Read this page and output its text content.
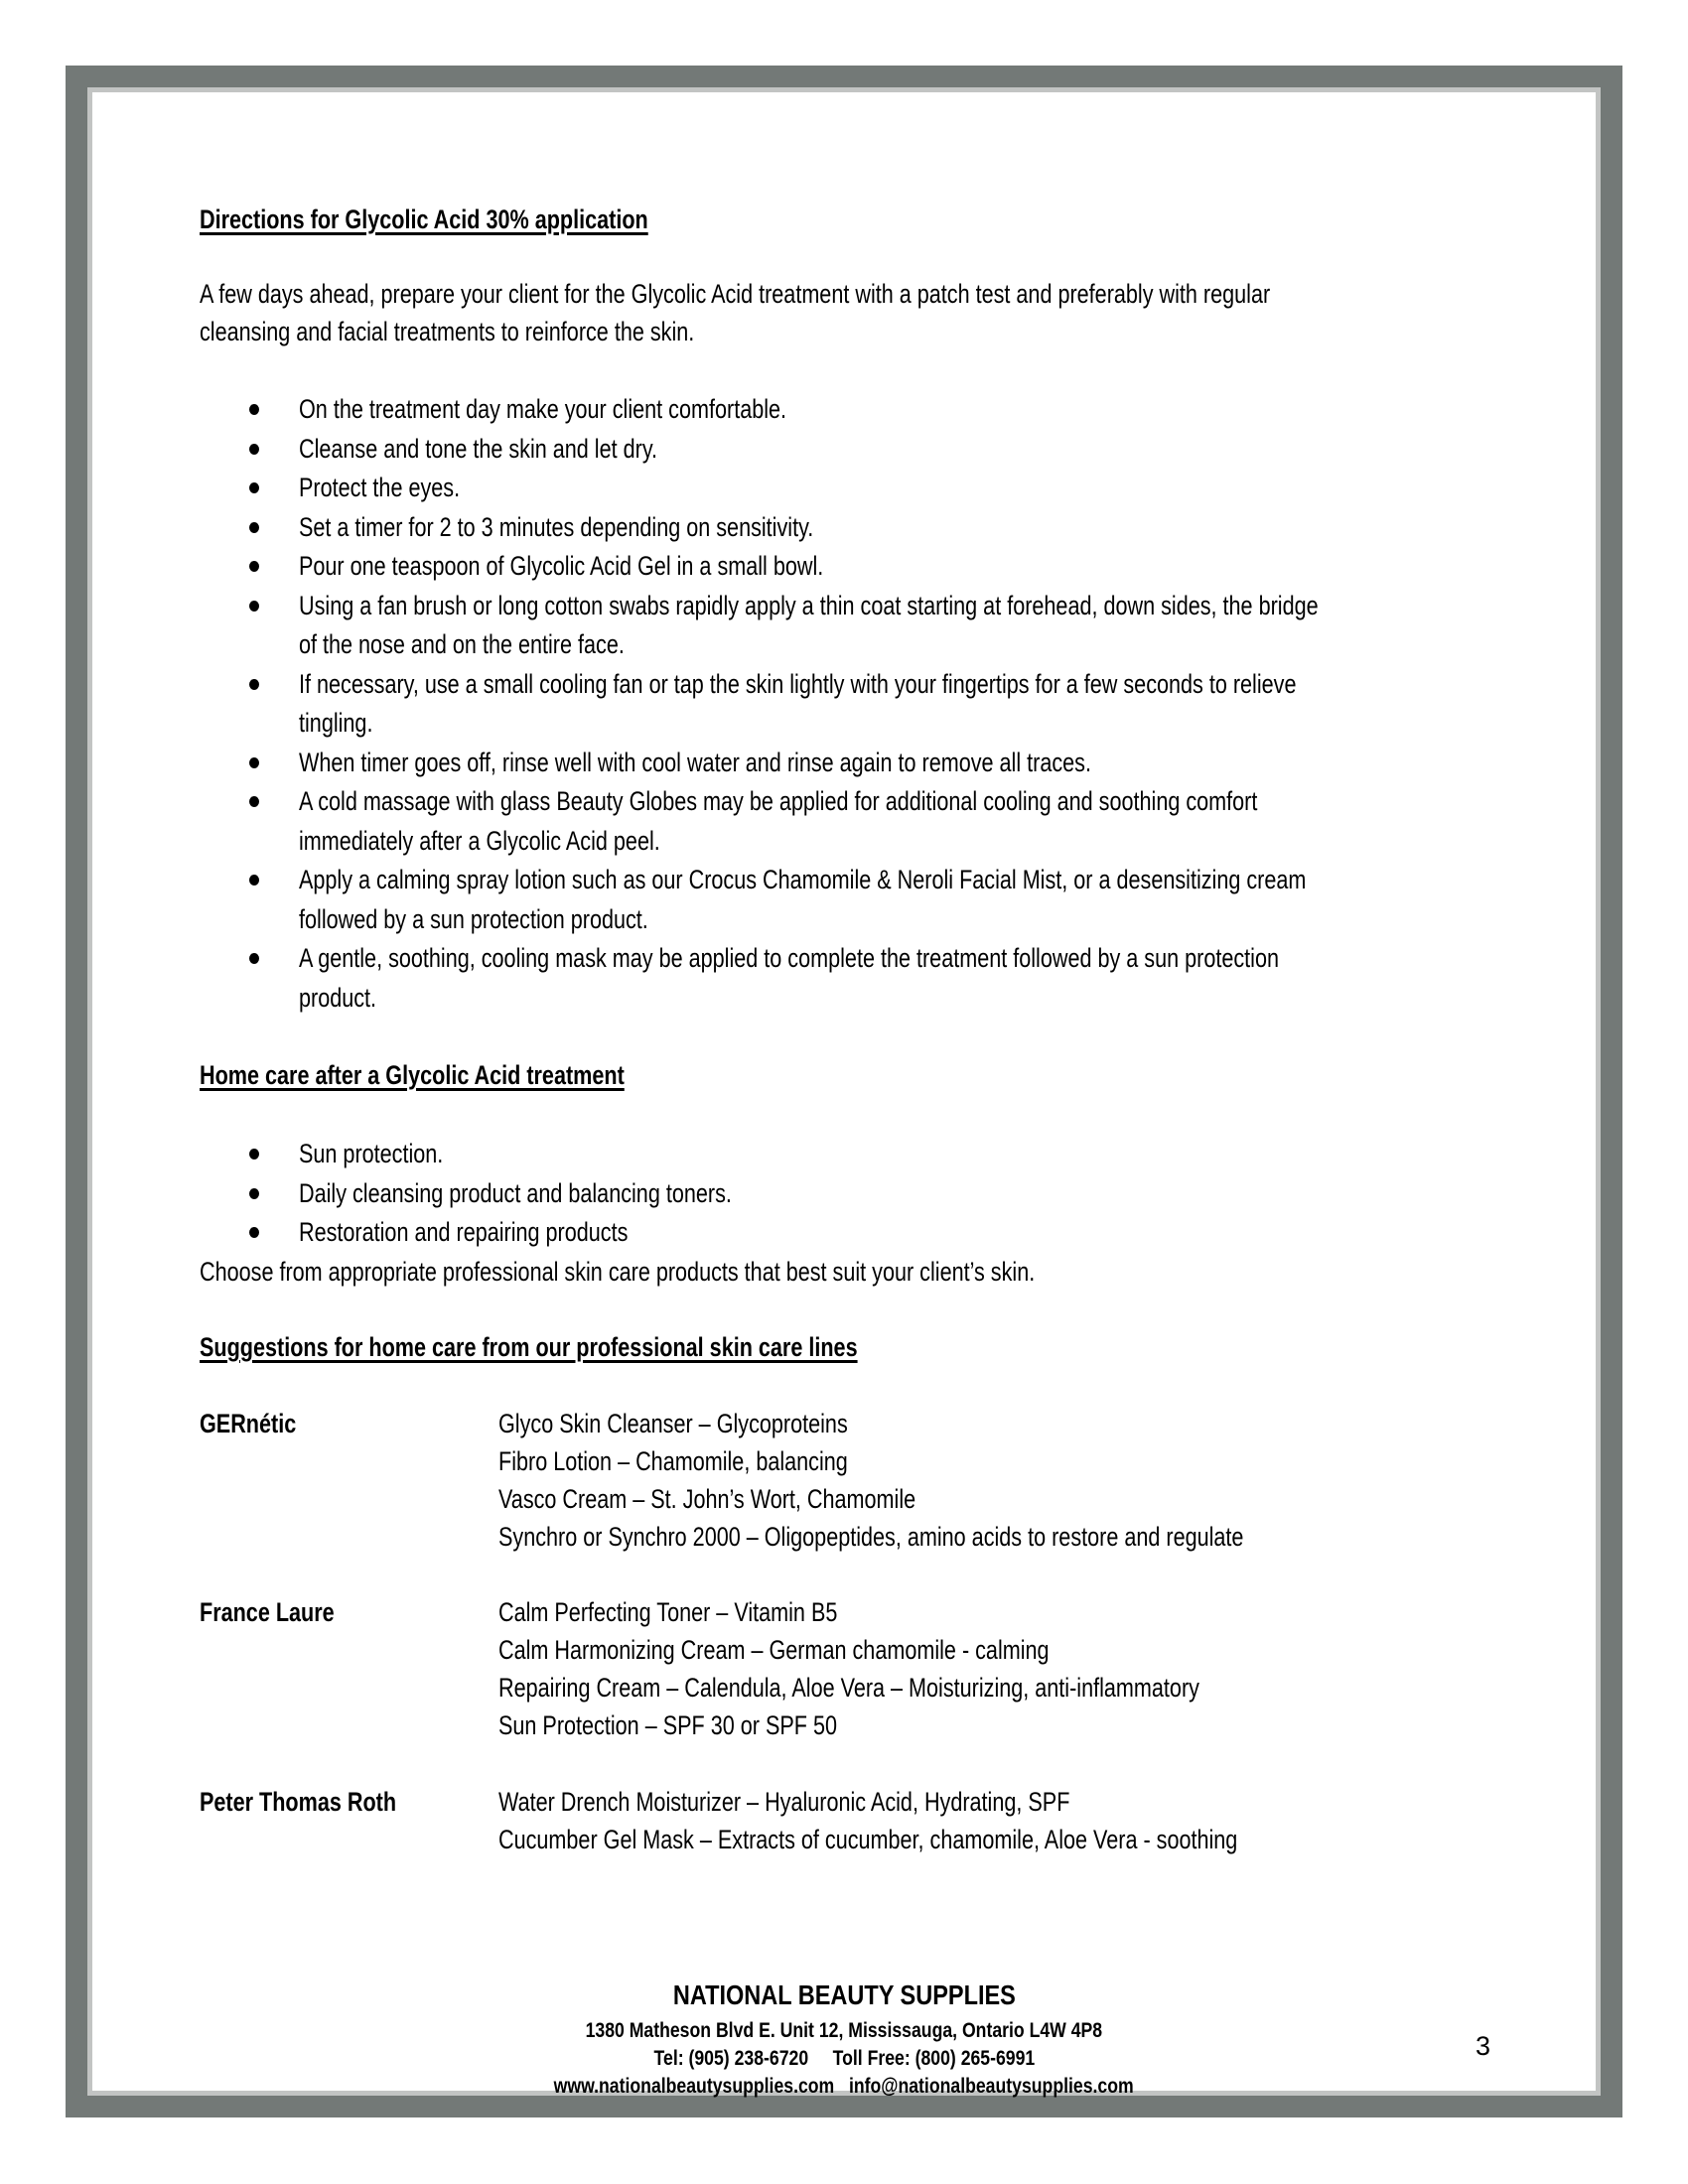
Directions for Glycolic Acid 30% application
A few days ahead, prepare your client for the Glycolic Acid treatment with a patch test and preferably with regular
cleansing and facial treatments to reinforce the skin.
On the treatment day make your client comfortable.
Cleanse and tone the skin and let dry.
Protect the eyes.
Set a timer for 2 to 3 minutes depending on sensitivity.
Pour one teaspoon of Glycolic Acid Gel in a small bowl.
Using a fan brush or long cotton swabs rapidly apply a thin coat starting at forehead, down sides, the bridge
of the nose and on the entire face.
If necessary, use a small cooling fan or tap the skin lightly with your fingertips for a few seconds to relieve
tingling.
When timer goes off, rinse well with cool water and rinse again to remove all traces.
A cold massage with glass Beauty Globes may be applied for additional cooling and soothing comfort
immediately after a Glycolic Acid peel.
Apply a calming spray lotion such as our Crocus Chamomile & Neroli Facial Mist, or a desensitizing cream
followed by a sun protection product.
A gentle, soothing, cooling mask may be applied to complete the treatment followed by a sun protection
product.
Home care after a Glycolic Acid treatment
Sun protection.
Daily cleansing product and balancing toners.
Restoration and repairing products
Choose from appropriate professional skin care products that best suit your client’s skin.
Suggestions for home care from our professional skin care lines
GERnétic	Glyco Skin Cleanser – Glycoproteins
Fibro Lotion – Chamomile, balancing
Vasco Cream – St. John’s Wort, Chamomile
Synchro or Synchro 2000 – Oligopeptides, amino acids to restore and regulate
France Laure	Calm Perfecting Toner – Vitamin B5
Calm Harmonizing Cream – German chamomile - calming
Repairing Cream – Calendula, Aloe Vera – Moisturizing, anti-inflammatory
Sun Protection – SPF 30 or SPF 50
Peter Thomas Roth	Water Drench Moisturizer – Hyaluronic Acid, Hydrating, SPF
Cucumber Gel Mask – Extracts of cucumber, chamomile, Aloe Vera - soothing
NATIONAL BEAUTY SUPPLIES
1380 Matheson Blvd E. Unit 12, Mississauga, Ontario L4W 4P8
Tel: (905) 238-6720     Toll Free: (800) 265-6991
www.nationalbeautysupplies.com   info@nationalbeautysupplies.com
3
